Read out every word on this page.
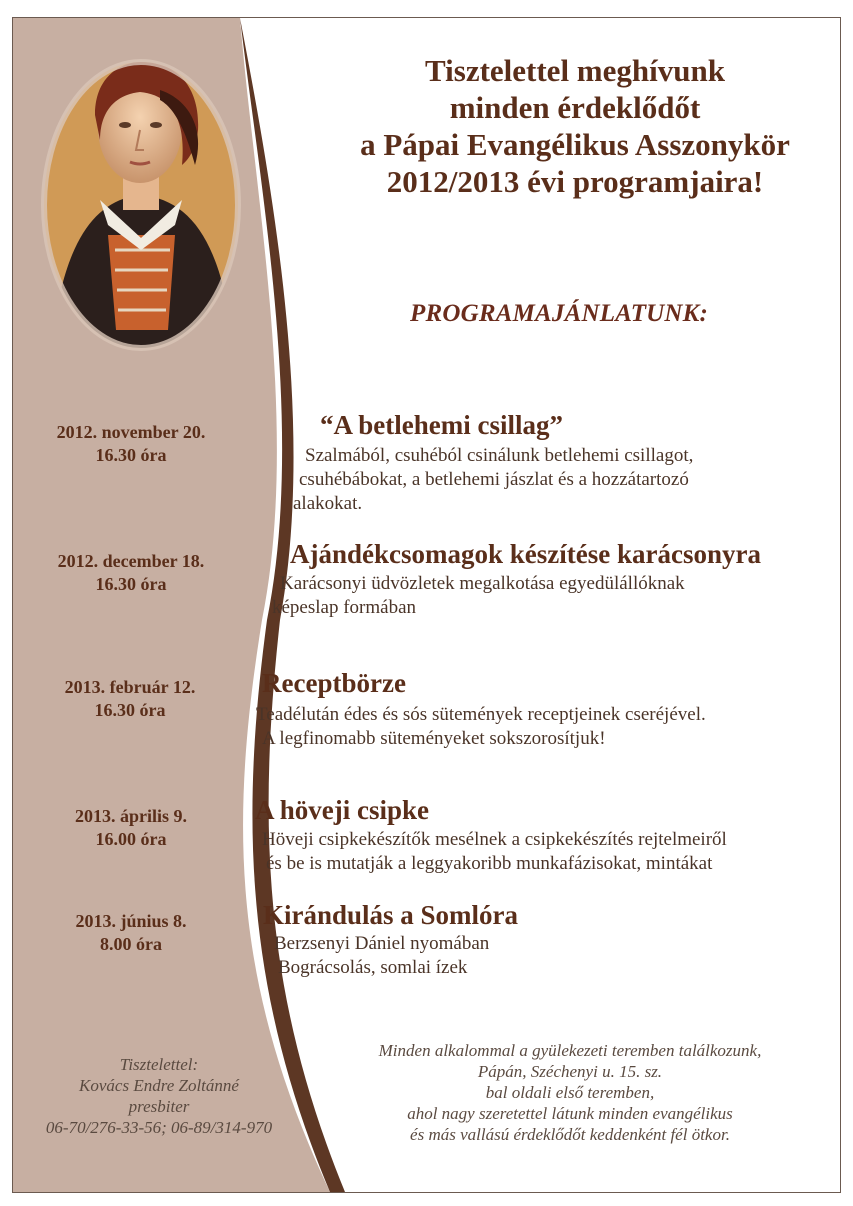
Tisztelettel meghívunk
minden érdeklődőt
a Pápai Evangélikus Asszonykör
2012/2013 évi programjaira!
PROGRAMAJÁNLATUNK:
2012. november 20.
16.30 óra
“A betlehemi csillag”
Szalmából, csuhéból csinálunk betlehemi csillagot,
csuhébábokat, a betlehemi jászlat és a hozzátartozó
alakokat.
2012. december 18.
16.30 óra
Ajándékcsomagok készítése karácsonyra
Karácsonyi üdvözletek megalkotása egyedülállóknak
képeslap formában
2013. február 12.
16.30 óra
Receptbörze
Teadélután édes és sós sütemények receptjeinek cseréjével.
A legfinomabb süteményeket sokszorosítjuk!
2013. április 9.
16.00 óra
A höveji csipke
Höveji csipkekészítők mesélnek a csipkekészítés rejtelmeiről
és be is mutatják a leggyakoribb munkafázisokat, mintákat
2013. június 8.
8.00 óra
Kirándulás a Somlóra
Berzsenyi Dániel nyomában
Bográcsolás, somlai ízek
Tisztelettel:
Kovács Endre Zoltánné
presbiter
06-70/276-33-56; 06-89/314-970
Minden alkalommal a gyülekezeti teremben találkozunk,
Pápán, Széchenyi u. 15. sz.
bal oldali első teremben,
ahol nagy szeretettel látunk minden evangélikus
és más vallású érdeklődőt keddenként fél ötkor.
